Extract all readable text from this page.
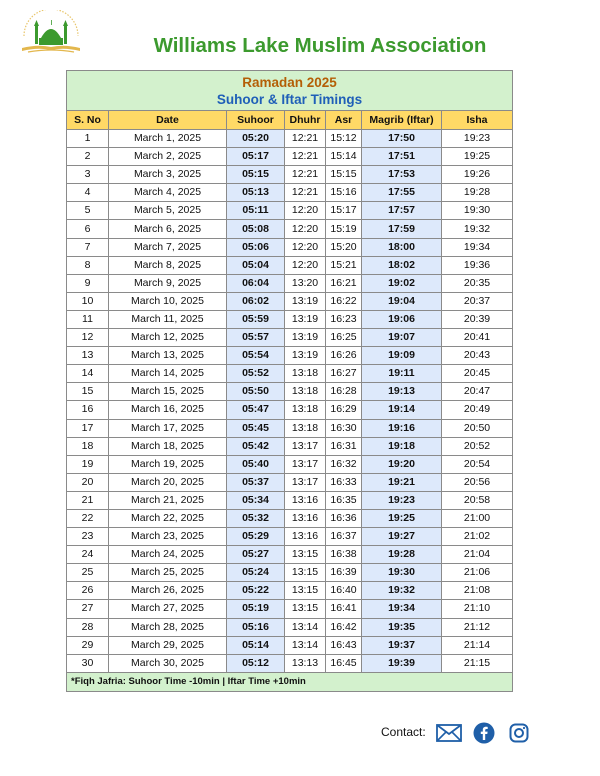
Williams Lake Muslim Association
Ramadan 2025
Suhoor & Iftar Timings						

S. No	Date	Suhoor	Dhuhr	Asr	Magrib (Iftar)	Isha
1	March 1, 2025	05:20	12:21	15:12	17:50	19:23
2	March 2, 2025	05:17	12:21	15:14	17:51	19:25
3	March 3, 2025	05:15	12:21	15:15	17:53	19:26
4	March 4, 2025	05:13	12:21	15:16	17:55	19:28
5	March 5, 2025	05:11	12:20	15:17	17:57	19:30
6	March 6, 2025	05:08	12:20	15:19	17:59	19:32
7	March 7, 2025	05:06	12:20	15:20	18:00	19:34
8	March 8, 2025	05:04	12:20	15:21	18:02	19:36
9	March 9, 2025	06:04	13:20	16:21	19:02	20:35
10	March 10, 2025	06:02	13:19	16:22	19:04	20:37
11	March 11, 2025	05:59	13:19	16:23	19:06	20:39
12	March 12, 2025	05:57	13:19	16:25	19:07	20:41
13	March 13, 2025	05:54	13:19	16:26	19:09	20:43
14	March 14, 2025	05:52	13:18	16:27	19:11	20:45
15	March 15, 2025	05:50	13:18	16:28	19:13	20:47
16	March 16, 2025	05:47	13:18	16:29	19:14	20:49
17	March 17, 2025	05:45	13:18	16:30	19:16	20:50
18	March 18, 2025	05:42	13:17	16:31	19:18	20:52
19	March 19, 2025	05:40	13:17	16:32	19:20	20:54
20	March 20, 2025	05:37	13:17	16:33	19:21	20:56
21	March 21, 2025	05:34	13:16	16:35	19:23	20:58
22	March 22, 2025	05:32	13:16	16:36	19:25	21:00
23	March 23, 2025	05:29	13:16	16:37	19:27	21:02
24	March 24, 2025	05:27	13:15	16:38	19:28	21:04
25	March 25, 2025	05:24	13:15	16:39	19:30	21:06
26	March 26, 2025	05:22	13:15	16:40	19:32	21:08
27	March 27, 2025	05:19	13:15	16:41	19:34	21:10
28	March 28, 2025	05:16	13:14	16:42	19:35	21:12
29	March 29, 2025	05:14	13:14	16:43	19:37	21:14
30	March 30, 2025	05:12	13:13	16:45	19:39	21:15
*Fiqh Jafria: Suhoor Time -10min | Iftar Time +10min						
Contact:
